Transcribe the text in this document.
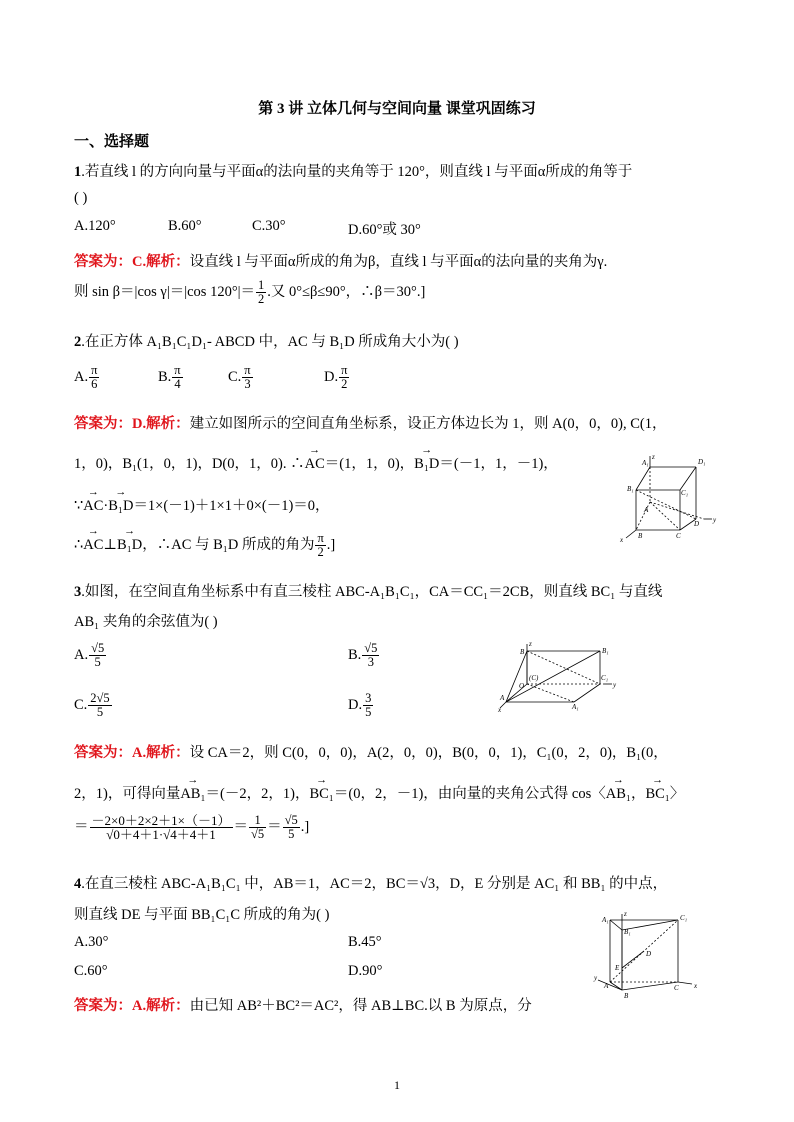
第 3 讲 立体几何与空间向量 课堂巩固练习
一、选择题
1.若直线 l 的方向向量与平面α的法向量的夹角等于 120°，则直线 l 与平面α所成的角等于
( )
A.120°	B.60°	C.30°	D.60°或 30°
答案为：C.解析：设直线 l 与平面α所成的角为β，直线 l 与平面α的法向量的夹角为γ.
则 sin β＝|cos γ|＝|cos $120^\circ|= \frac{1}{2}$ .又 0°≤β≤90°，∴β＝30°.]
2.在正方体 A₁B₁C₁D₁- ABCD 中，AC 与 B₁D 所成角大小为( )
A. $\frac{\pi}{6}$	B. $\frac{\pi}{4}$	C. $\frac{\pi}{3}$	D. $\frac{\pi}{2}$
答案为：D.解析：建立如图所示的空间直角坐标系，设正方体边长为 1，则 A(0，0，0), C(1，
1，0)，B₁(1，0，1)，D(0，1，0). ∴→ AC＝(1，1，0)，→ B₁D＝(－1，1，－1)，
∵→ AC·→ B₁D＝1×(－1)＋1×1＋0×(－1)＝0，
∴→ AC⊥→ B₁D，∴AC 与 B₁D 所成的角为 $\frac{\pi}{2}$ .]
z
A₁	D₁
B₁	C₁
A
D y
x B	C
3.如图，在空间直角坐标系中有直三棱柱 ABC-A₁B₁C₁，CA＝CC₁＝2CB，则直线 BC₁ 与直线
AB₁ 夹角的余弦值为( )
A. $\frac{√5}{5}$	B. $\frac{√5}{3}$
C. $\frac{2√5}{5}$	D. $\frac{3}{5}$
答案为：A.解析：设 CA＝2，则 C(0，0，0)，A(2，0，0)，B(0，0，1)，C₁(0，2，0)，B₁(0，
2，1)，可得向量→ AB₁＝(－2，2，1)，→ BC₁＝(0，2，－1)，由向量的夹角公式得 cos〈→ AB₁，→ BC₁〉
＝ $\frac{-2\times 0+2\times 2+1\times(-1)}{√0+4+1\cdot√4+4+1} = \frac{1}{√5} = \frac{√5}{5}$ .]
z
B	B₁
O
(C)	C₁
y
A
x	A₁
4.在直三棱柱 ABC-A₁B₁C₁ 中，AB＝1，AC＝2，BC＝√3，D，E 分别是 AC₁ 和 BB₁ 的中点，
则直线 DE 与平面 BB₁C₁C 所成的角为( )
A.30°	B.45°
C.60°	D.90°
答案为：A.解析：由已知 AB²＋BC²＝AC²，得 AB⊥BC.以 B 为原点，分
z
A₁
B₁
C₁
D
E
y
A
B
C x
1
